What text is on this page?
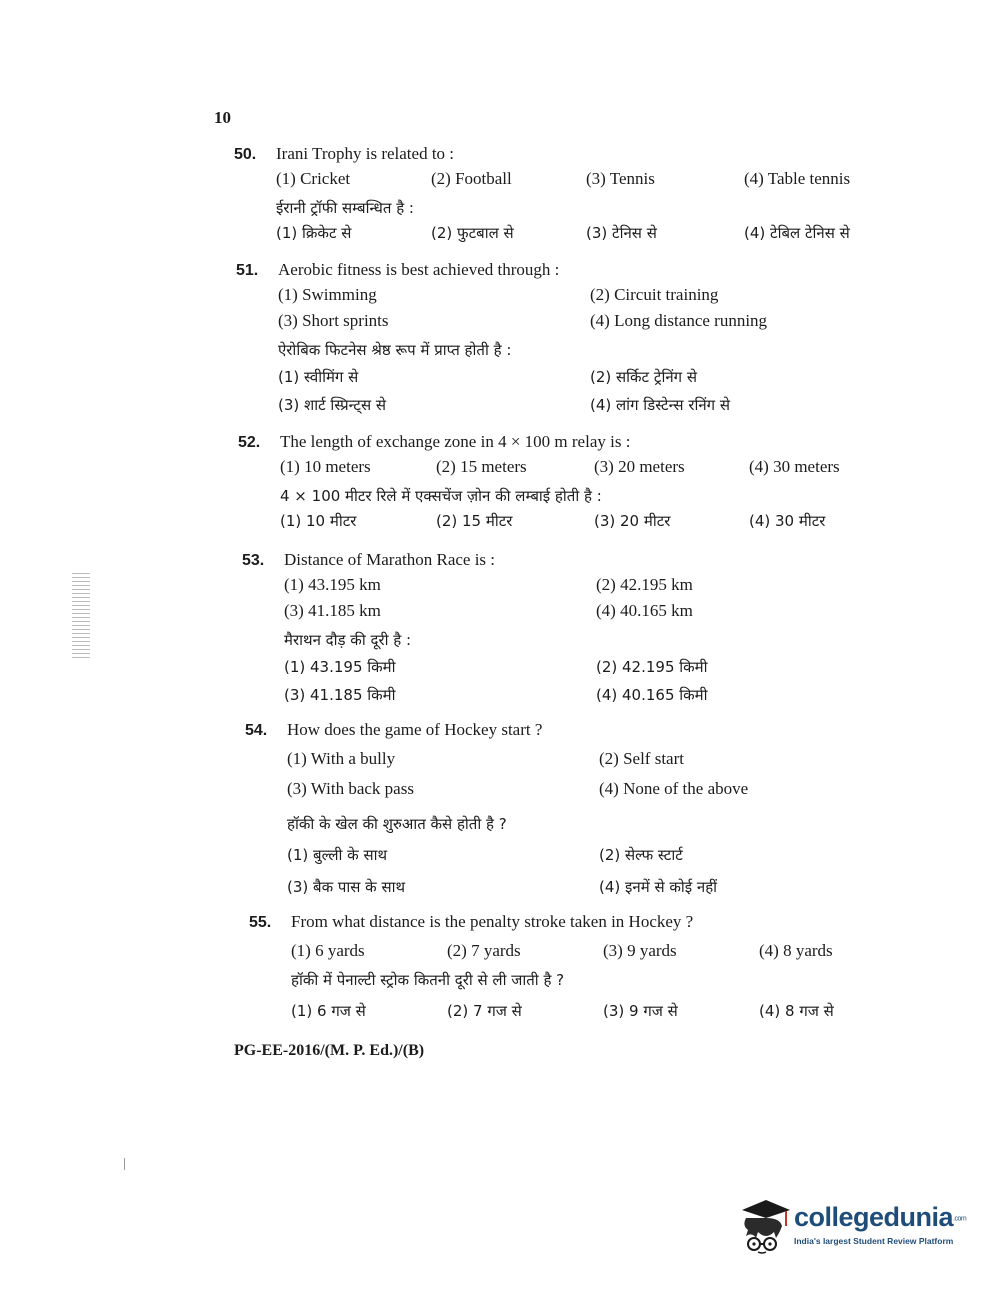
10
50. Irani Trophy is related to :
(1) Cricket	(2) Football	(3) Tennis	(4) Table tennis
ईरानी ट्रॉफी सम्बन्धित है :
(1) क्रिकेट से	(2) फुटबाल से	(3) टेनिस से	(4) टेबिल टेनिस से
51. Aerobic fitness is best achieved through :
(1) Swimming	(2) Circuit training
(3) Short sprints	(4) Long distance running
ऐरोबिक फिटनेस श्रेष्ठ रूप में प्राप्त होती है :
(1) स्वीमिंग से	(2) सर्किट ट्रेनिंग से
(3) शार्ट स्प्रिन्ट्स से	(4) लांग डिस्टेन्स रनिंग से
52. The length of exchange zone in 4 × 100 m relay is :
(1) 10 meters	(2) 15 meters	(3) 20 meters	(4) 30 meters
4 × 100 मीटर रिले में एक्सचेंज ज़ोन की लम्बाई होती है :
(1) 10 मीटर	(2) 15 मीटर	(3) 20 मीटर	(4) 30 मीटर
53. Distance of Marathon Race is :
(1) 43.195 km	(2) 42.195 km
(3) 41.185 km	(4) 40.165 km
मैराथन दौड़ की दूरी है :
(1) 43.195 किमी	(2) 42.195 किमी
(3) 41.185 किमी	(4) 40.165 किमी
54. How does the game of Hockey start ?
(1) With a bully	(2) Self start
(3) With back pass	(4) None of the above
हॉकी के खेल की शुरुआत कैसे होती है ?
(1) बुल्ली के साथ	(2) सेल्फ स्टार्ट
(3) बैक पास के साथ	(4) इनमें से कोई नहीं
55. From what distance is the penalty stroke taken in Hockey ?
(1) 6 yards	(2) 7 yards	(3) 9 yards	(4) 8 yards
हॉकी में पेनाल्टी स्ट्रोक कितनी दूरी से ली जाती है ?
(1) 6 गज से	(2) 7 गज से	(3) 9 गज से	(4) 8 गज से
PG-EE-2016/(M. P. Ed.)/(B)
collegedunia.com
India's largest Student Review Platform
